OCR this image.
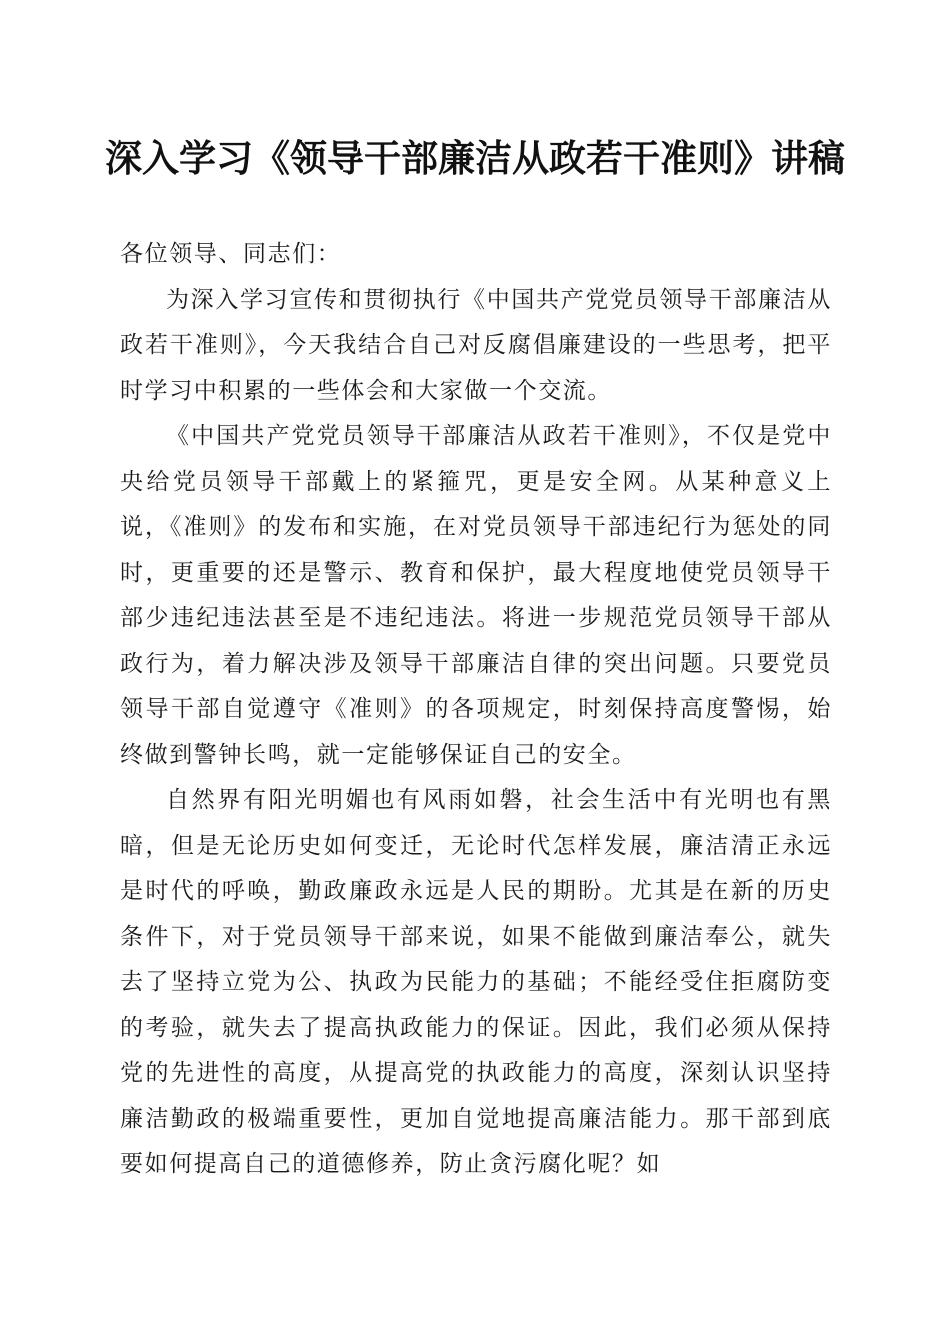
深入学习《领导干部廉洁从政若干准则》讲稿

各位领导、同志们：

为深入学习宣传和贯彻执行《中国共产党党员领导干部廉洁从政若干准则》，今天我结合自己对反腐倡廉建设的一些思考，把平时学习中积累的一些体会和大家做一个交流。

《中国共产党党员领导干部廉洁从政若干准则》，不仅是党中央给党员领导干部戴上的紧箍咒，更是安全网。从某种意义上说，《准则》的发布和实施，在对党员领导干部违纪行为惩处的同时，更重要的还是警示、教育和保护，最大程度地使党员领导干部少违纪违法甚至是不违纪违法。将进一步规范党员领导干部从政行为，着力解决涉及领导干部廉洁自律的突出问题。只要党员领导干部自觉遵守《准则》的各项规定，时刻保持高度警惕，始终做到警钟长鸣，就一定能够保证自己的安全。

自然界有阳光明媚也有风雨如磐，社会生活中有光明也有黑暗，但是无论历史如何变迁，无论时代怎样发展，廉洁清正永远是时代的呼唤，勤政廉政永远是人民的期盼。尤其是在新的历史条件下，对于党员领导干部来说，如果不能做到廉洁奉公，就失去了坚持立党为公、执政为民能力的基础；不能经受住拒腐防变的考验，就失去了提高执政能力的保证。因此，我们必须从保持党的先进性的高度，从提高党的执政能力的高度，深刻认识坚持廉洁勤政的极端重要性，更加自觉地提高廉洁能力。那干部到底要如何提高自己的道德修养，防止贪污腐化呢？如
